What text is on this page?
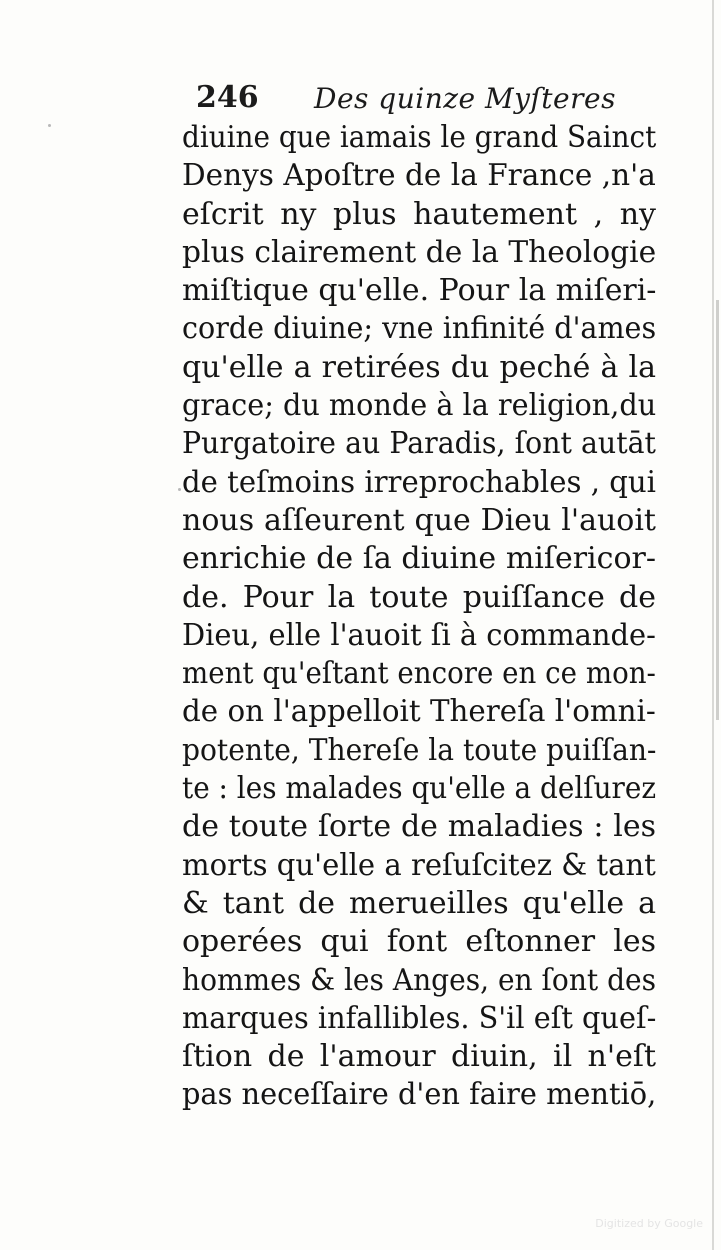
246 Des quinze Myſteres
diuine que iamais le grand Sainct
Denys Apoſtre de la France ,n'a
eſcrit ny plus hautement , ny
plus clairement de la Theologie
miſtique qu'elle. Pour la miſeri-
corde diuine; vne infinité d'ames
qu'elle a retirées du peché à la
grace; du monde à la religion,du
Purgatoire au Paradis, ſont autāt
de teſmoins irreprochables , qui
nous aſſeurent que Dieu l'auoit
enrichie de ſa diuine miſericor-
de. Pour la toute puiſſance de
Dieu, elle l'auoit ſi à commande-
ment qu'eſtant encore en ce mon-
de on l'appelloit Thereſa l'omni-
potente, Thereſe la toute puiſſan-
te : les malades qu'elle a delſurez
de toute ſorte de maladies : les
morts qu'elle a reſuſcitez & tant
& tant de merueilles qu'elle a
operées qui font eſtonner les
hommes & les Anges, en ſont des
marques infallibles. S'il eſt queſ-
ſtion de l'amour diuin, il n'eſt
pas neceſſaire d'en faire mentiō,
Digitized by Google
